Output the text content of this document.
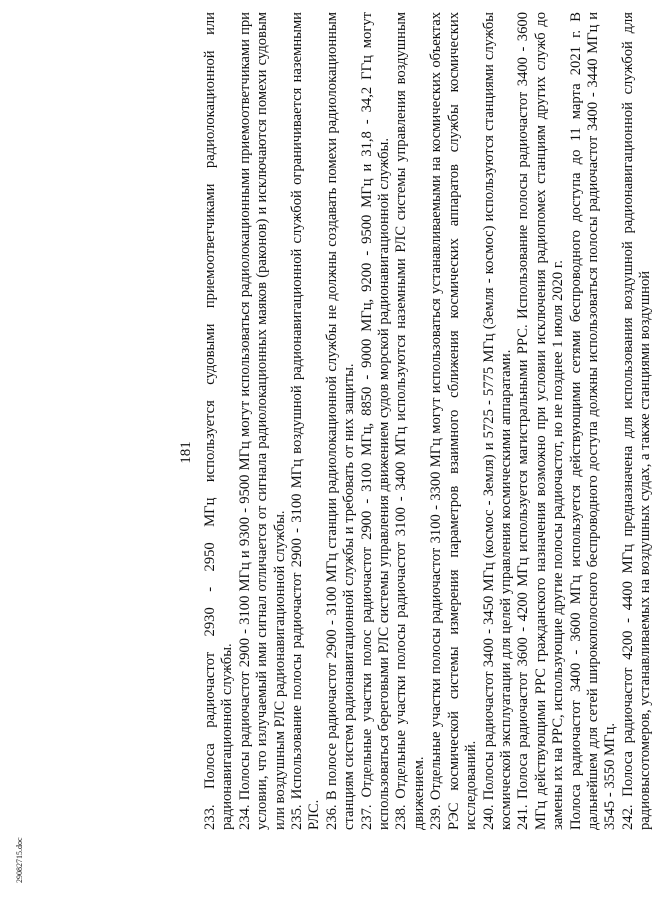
181 233. Полоса радиочастот 2930 - 2950 МГц используется судовыми приемоответчиками радиолокационной или радионавигационной службы. 234. Полосы радиочастот 2900 - 3100 МГц и 9300 - 9500 МГц могут использоваться радиолокационными приемоответчиками при условии, что излучаемый ими сигнал отличается от сигнала радиолокационных маяков (раконов) и исключаются помехи судовым или воздушным РЛС радионавигационной службы. 235. Использование полосы радиочастот 2900 - 3100 МГц воздушной радионавигационной службой ограничивается наземными РЛС. 236. В полосе радиочастот 2900 - 3100 МГц станции радиолокационной службы не должны создавать помехи радиолокационным станциям систем радионавигационной службы и требовать от них защиты. 237. Отдельные участки полос радиочастот 2900 - 3100 МГц, 8850 - 9000 МГц, 9200 - 9500 МГц и 31,8 - 34,2 ГГц могут использоваться береговыми РЛС системы управления движением судов морской радионавигационной службы. 238. Отдельные участки полосы радиочастот 3100 - 3400 МГц используются наземными РЛС системы управления воздушным движением. 239. Отдельные участки полосы радиочастот 3100 - 3300 МГц могут использоваться устанавливаемыми на космических объектах РЭС космической системы измерения параметров взаимного сближения космических аппаратов службы космических исследований. 240. Полосы радиочастот 3400 - 3450 МГц (космос - Земля) и 5725 - 5775 МГц (Земля - космос) используются станциями службы космической эксплуатации для целей управления космическими аппаратами. 241. Полоса радиочастот 3600 - 4200 МГц используется магистральными РРС. Использование полосы радиочастот 3400 - 3600 МГц действующими РРС гражданского назначения возможно при условии исключения радиопомех станциям других служб до замены их на РРС, использующие другие полосы радиочастот, но не позднее 1 июля 2020 г. Полоса радиочастот 3400 - 3600 МГц используется действующими сетями беспроводного доступа до 11 марта 2021 г. В дальнейшем для сетей широкополосного беспроводного доступа должны использоваться полосы радиочастот 3400 - 3440 МГц и 3545 - 3550 МГц. 242. Полоса радиочастот 4200 - 4400 МГц предназначена для использования воздушной радионавигационной службой для радиовысотомеров, устанавливаемых на воздушных судах, а также станциями воздушной

29082715.doc
